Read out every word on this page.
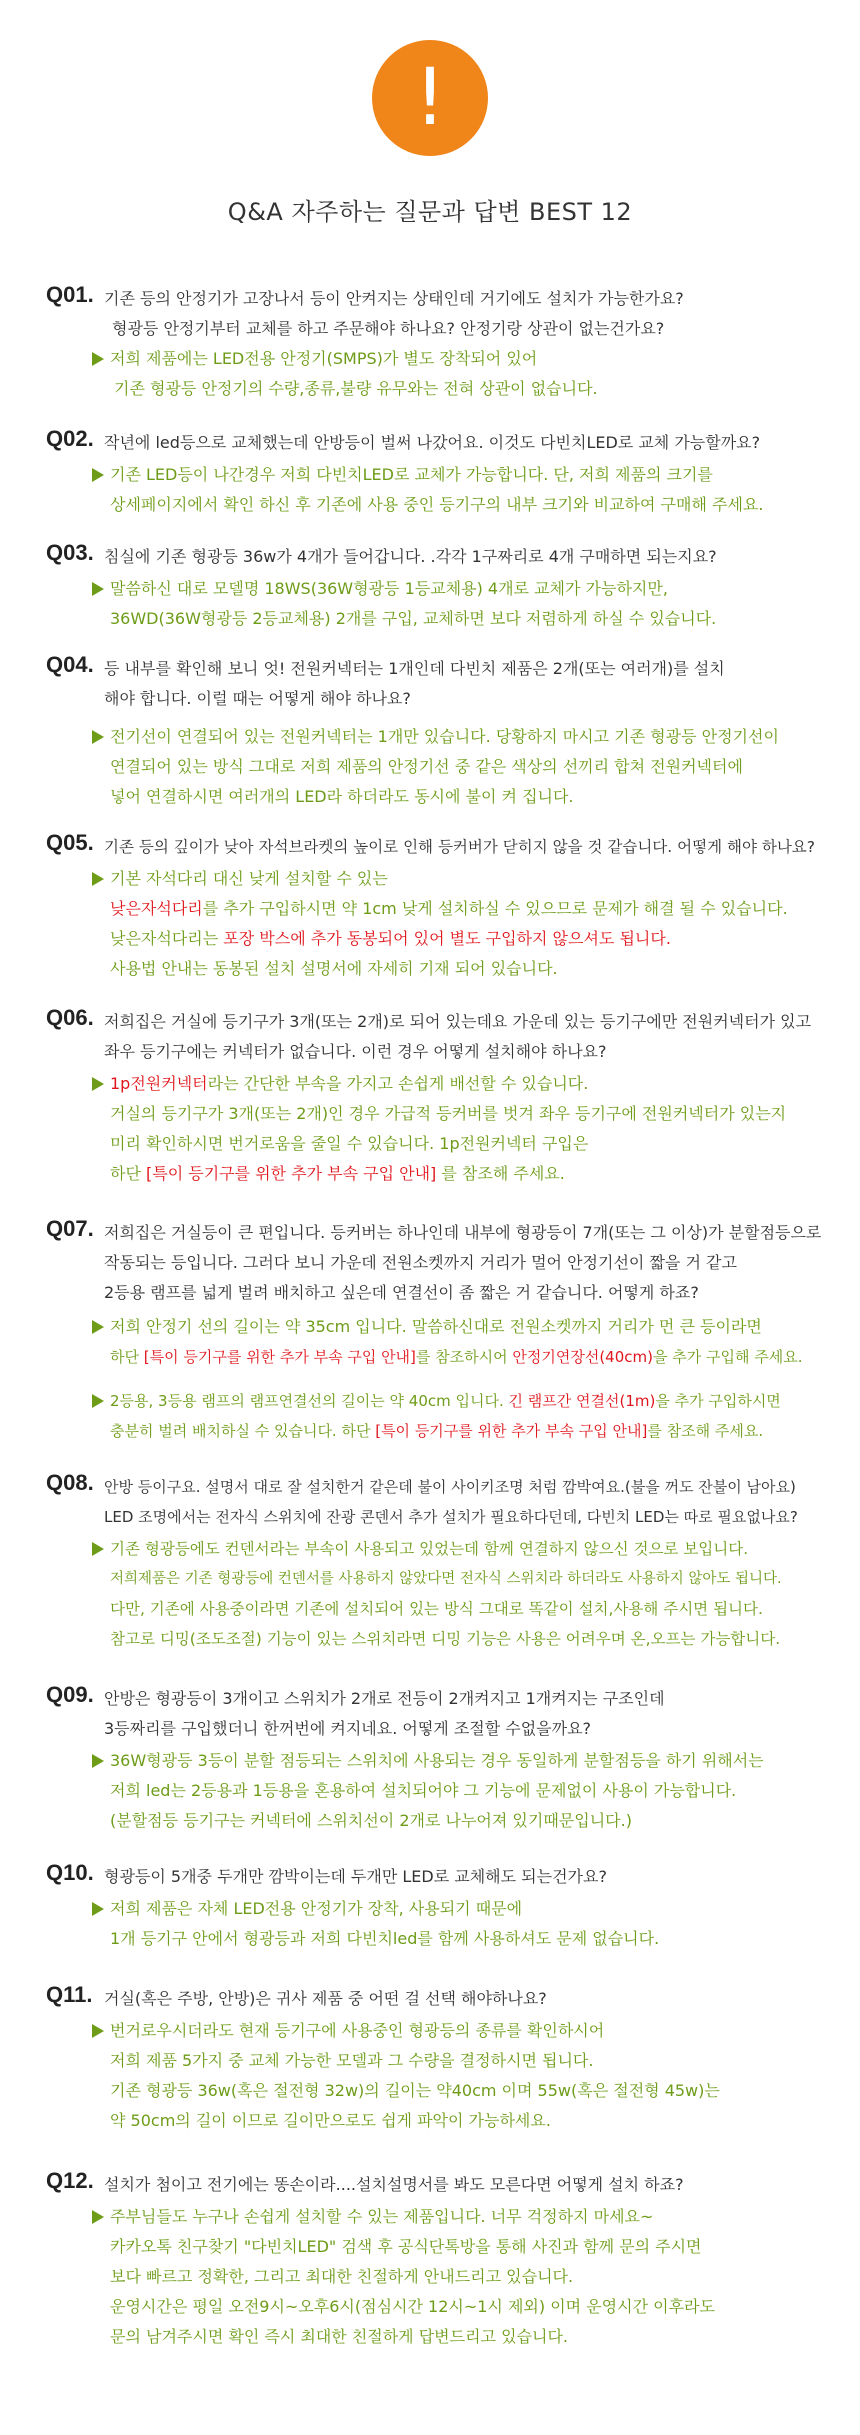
!
Q&A 자주하는 질문과 답변 BEST 12
Q01. 기존 등의 안정기가 고장나서 등이 안켜지는 상태인데 거기에도 설치가 가능한가요?
형광등 안정기부터 교체를 하고 주문해야 하나요? 안정기랑 상관이 없는건가요?
저희 제품에는 LED전용 안정기(SMPS)가 별도 장착되어 있어
기존 형광등 안정기의 수량,종류,불량 유무와는 전혀 상관이 없습니다.
Q02. 작년에 led등으로 교체했는데 안방등이 벌써 나갔어요. 이것도 다빈치LED로 교체 가능할까요?
기존 LED등이 나간경우 저희 다빈치LED로 교체가 가능합니다. 단, 저희 제품의 크기를
상세페이지에서 확인 하신 후 기존에 사용 중인 등기구의 내부 크기와 비교하여 구매해 주세요.
Q03. 침실에 기존 형광등 36w가 4개가 들어갑니다. .각각 1구짜리로 4개 구매하면 되는지요?
말씀하신 대로 모델명 18WS(36W형광등 1등교체용) 4개로 교체가 가능하지만,
36WD(36W형광등 2등교체용) 2개를 구입, 교체하면 보다 저렴하게 하실 수 있습니다.
Q04. 등 내부를 확인해 보니 엇! 전원커넥터는 1개인데 다빈치 제품은 2개(또는 여러개)를 설치
해야 합니다. 이럴 때는 어떻게 해야 하나요?
전기선이 연결되어 있는 전원커넥터는 1개만 있습니다. 당황하지 마시고 기존 형광등 안정기선이
연결되어 있는 방식 그대로 저희 제품의 안정기선 중 같은 색상의 선끼리 합쳐 전원커넥터에
넣어 연결하시면 여러개의 LED라 하더라도 동시에 불이 켜 집니다.
Q05. 기존 등의 깊이가 낮아 자석브라켓의 높이로 인해 등커버가 닫히지 않을 것 같습니다. 어떻게 해야 하나요?
기본 자석다리 대신 낮게 설치할 수 있는
낮은자석다리를 추가 구입하시면 약 1cm 낮게 설치하실 수 있으므로 문제가 해결 될 수 있습니다.
낮은자석다리는 포장 박스에 추가 동봉되어 있어 별도 구입하지 않으셔도 됩니다.
사용법 안내는 동봉된 설치 설명서에 자세히 기재 되어 있습니다.
Q06. 저희집은 거실에 등기구가 3개(또는 2개)로 되어 있는데요 가운데 있는 등기구에만 전원커넥터가 있고
좌우 등기구에는 커넥터가 없습니다. 이런 경우 어떻게 설치해야 하나요?
1p전원커넥터라는 간단한 부속을 가지고 손쉽게 배선할 수 있습니다.
거실의 등기구가 3개(또는 2개)인 경우 가급적 등커버를 벗겨 좌우 등기구에 전원커넥터가 있는지
미리 확인하시면 번거로움을 줄일 수 있습니다. 1p전원커넥터 구입은
하단 [특이 등기구를 위한 추가 부속 구입 안내] 를 참조해 주세요.
Q07. 저희집은 거실등이 큰 편입니다. 등커버는 하나인데 내부에 형광등이 7개(또는 그 이상)가 분할점등으로
작동되는 등입니다. 그러다 보니 가운데 전원소켓까지 거리가 멀어 안정기선이 짧을 거 같고
2등용 램프를 넓게 벌려 배치하고 싶은데 연결선이 좀 짧은 거 같습니다. 어떻게 하죠?
저희 안정기 선의 길이는 약 35cm 입니다. 말씀하신대로 전원소켓까지 거리가 먼 큰 등이라면
하단 [특이 등기구를 위한 추가 부속 구입 안내]를 참조하시어 안정기연장선(40cm)을 추가 구입해 주세요.
2등용, 3등용 램프의 램프연결선의 길이는 약 40cm 입니다. 긴 램프간 연결선(1m)을 추가 구입하시면
충분히 벌려 배치하실 수 있습니다. 하단 [특이 등기구를 위한 추가 부속 구입 안내]를 참조해 주세요.
Q08. 안방 등이구요. 설명서 대로 잘 설치한거 같은데 불이 사이키조명 처럼 깜박여요.(불을 꺼도 잔불이 남아요)
LED 조명에서는 전자식 스위치에 잔광 콘덴서 추가 설치가 필요하다던데, 다빈치 LED는 따로 필요없나요?
기존 형광등에도 컨덴서라는 부속이 사용되고 있었는데 함께 연결하지 않으신 것으로 보입니다.
저희제품은 기존 형광등에 컨덴서를 사용하지 않았다면 전자식 스위치라 하더라도 사용하지 않아도 됩니다.
다만, 기존에 사용중이라면 기존에 설치되어 있는 방식 그대로 똑같이 설치,사용해 주시면 됩니다.
참고로 디밍(조도조절) 기능이 있는 스위치라면 디밍 기능은 사용은 어려우며 온,오프는 가능합니다.
Q09. 안방은 형광등이 3개이고 스위치가 2개로 전등이 2개켜지고 1개켜지는 구조인데
3등짜리를 구입했더니 한꺼번에 켜지네요. 어떻게 조절할 수없을까요?
36W형광등 3등이 분할 점등되는 스위치에 사용되는 경우 동일하게 분할점등을 하기 위해서는
저희 led는 2등용과 1등용을 혼용하여 설치되어야 그 기능에 문제없이 사용이 가능합니다.
(분할점등 등기구는 커넥터에 스위치선이 2개로 나누어져 있기때문입니다.)
Q10. 형광등이 5개중 두개만 깜박이는데 두개만 LED로 교체해도 되는건가요?
저희 제품은 자체 LED전용 안정기가 장착, 사용되기 때문에
1개 등기구 안에서 형광등과 저희 다빈치led를 함께 사용하셔도 문제 없습니다.
Q11. 거실(혹은 주방, 안방)은 귀사 제품 중 어떤 걸 선택 해야하나요?
번거로우시더라도 현재 등기구에 사용중인 형광등의 종류를 확인하시어
저희 제품 5가지 중 교체 가능한 모델과 그 수량을 결정하시면 됩니다.
기존 형광등 36w(혹은 절전형 32w)의 길이는 약40cm 이며 55w(혹은 절전형 45w)는
약 50cm의 길이 이므로 길이만으로도 쉽게 파악이 가능하세요.
Q12. 설치가 첨이고 전기에는 똥손이라....설치설명서를 봐도 모른다면 어떻게 설치 하죠?
주부님들도 누구나 손쉽게 설치할 수 있는 제품입니다. 너무 걱정하지 마세요~
카카오톡 친구찾기 "다빈치LED" 검색 후 공식단톡방을 통해 사진과 함께 문의 주시면
보다 빠르고 정확한, 그리고 최대한 친절하게 안내드리고 있습니다.
운영시간은 평일 오전9시~오후6시(점심시간 12시~1시 제외) 이며 운영시간 이후라도
문의 남겨주시면 확인 즉시 최대한 친절하게 답변드리고 있습니다.
